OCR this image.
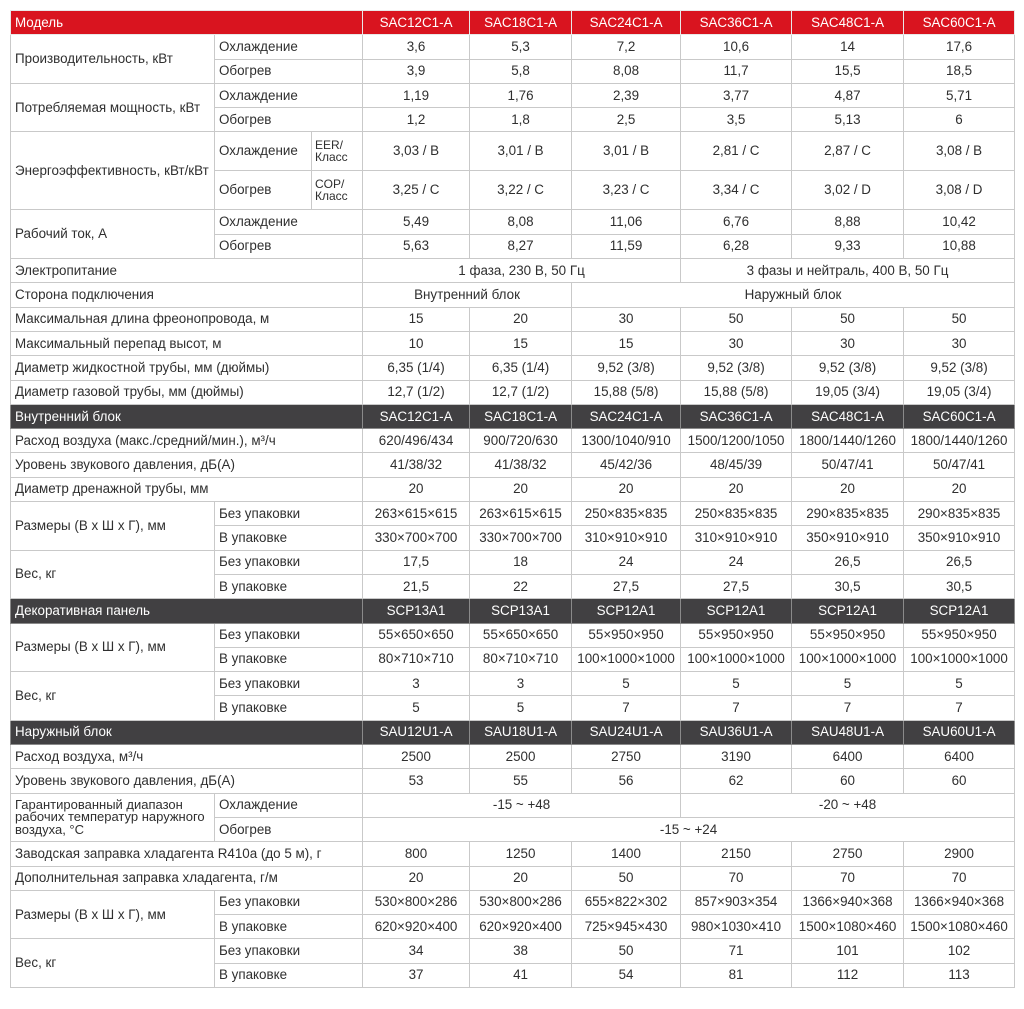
Модель			SAC12C1-A	SAC18C1-A	SAC24C1-A	SAC36C1-A	SAC48C1-A	SAC60C1-A
Производительность, кВт	Охлаждение		3,6	5,3	7,2	10,6	14	17,6
	Обогрев		3,9	5,8	8,08	11,7	15,5	18,5
Потребляемая мощность, кВт	Охлаждение		1,19	1,76	2,39	3,77	4,87	5,71
	Обогрев		1,2	1,8	2,5	3,5	5,13	6
Энергоэффективность, кВт/кВт	Охлаждение	EER/ Класс	3,03 / B	3,01 / B	3,01 / B	2,81 / C	2,87 / C	3,08 / B
	Обогрев	COP/ Класс	3,25 / C	3,22 / C	3,23 / C	3,34 / C	3,02 / D	3,08 / D
Рабочий ток, А	Охлаждение		5,49	8,08	11,06	6,76	8,88	10,42
	Обогрев		5,63	8,27	11,59	6,28	9,33	10,88
Электропитание			1 фаза, 230 В, 50 Гц			3 фазы и нейтраль, 400 В, 50 Гц		
Сторона подключения			Внутренний блок		Наружный блок			
Максимальная длина фреонопровода, м			15	20	30	50	50	50
Максимальный перепад высот, м			10	15	15	30	30	30
Диаметр жидкостной трубы, мм (дюймы)			6,35 (1/4)	6,35 (1/4)	9,52 (3/8)	9,52 (3/8)	9,52 (3/8)	9,52 (3/8)
Диаметр газовой трубы, мм (дюймы)			12,7 (1/2)	12,7 (1/2)	15,88 (5/8)	15,88 (5/8)	19,05 (3/4)	19,05 (3/4)
Внутренний блок			SAC12C1-A	SAC18C1-A	SAC24C1-A	SAC36C1-A	SAC48C1-A	SAC60C1-A
Расход воздуха (макс./средний/мин.), м³/ч			620/496/434	900/720/630	1300/1040/910	1500/1200/1050	1800/1440/1260	1800/1440/1260
Уровень звукового давления, дБ(А)			41/38/32	41/38/32	45/42/36	48/45/39	50/47/41	50/47/41
Диаметр дренажной трубы, мм			20	20	20	20	20	20
Размеры (В х Ш х Г), мм	Без упаковки		263×615×615	263×615×615	250×835×835	250×835×835	290×835×835	290×835×835
	В упаковке		330×700×700	330×700×700	310×910×910	310×910×910	350×910×910	350×910×910
Вес, кг	Без упаковки		17,5	18	24	24	26,5	26,5
	В упаковке		21,5	22	27,5	27,5	30,5	30,5
Декоративная панель			SCP13A1	SCP13A1	SCP12A1	SCP12A1	SCP12A1	SCP12A1
Размеры (В х Ш х Г), мм	Без упаковки		55×650×650	55×650×650	55×950×950	55×950×950	55×950×950	55×950×950
	В упаковке		80×710×710	80×710×710	100×1000×1000	100×1000×1000	100×1000×1000	100×1000×1000
Вес, кг	Без упаковки		3	3	5	5	5	5
	В упаковке		5	5	7	7	7	7
Наружный блок			SAU12U1-A	SAU18U1-A	SAU24U1-A	SAU36U1-A	SAU48U1-A	SAU60U1-A
Расход воздуха, м³/ч			2500	2500	2750	3190	6400	6400
Уровень звукового давления, дБ(А)			53	55	56	62	60	60
Гарантированный диапазон рабочих температур наружного воздуха, °С	Охлаждение		-15 ~ +48			-20 ~ +48		
	Обогрев		-15 ~ +24					
Заводская заправка хладагента R410a (до 5 м), г			800	1250	1400	2150	2750	2900
Дополнительная заправка хладагента, г/м			20	20	50	70	70	70
Размеры (В х Ш х Г), мм	Без упаковки		530×800×286	530×800×286	655×822×302	857×903×354	1366×940×368	1366×940×368
	В упаковке		620×920×400	620×920×400	725×945×430	980×1030×410	1500×1080×460	1500×1080×460
Вес, кг	Без упаковки		34	38	50	71	101	102
	В упаковке		37	41	54	81	112	113
